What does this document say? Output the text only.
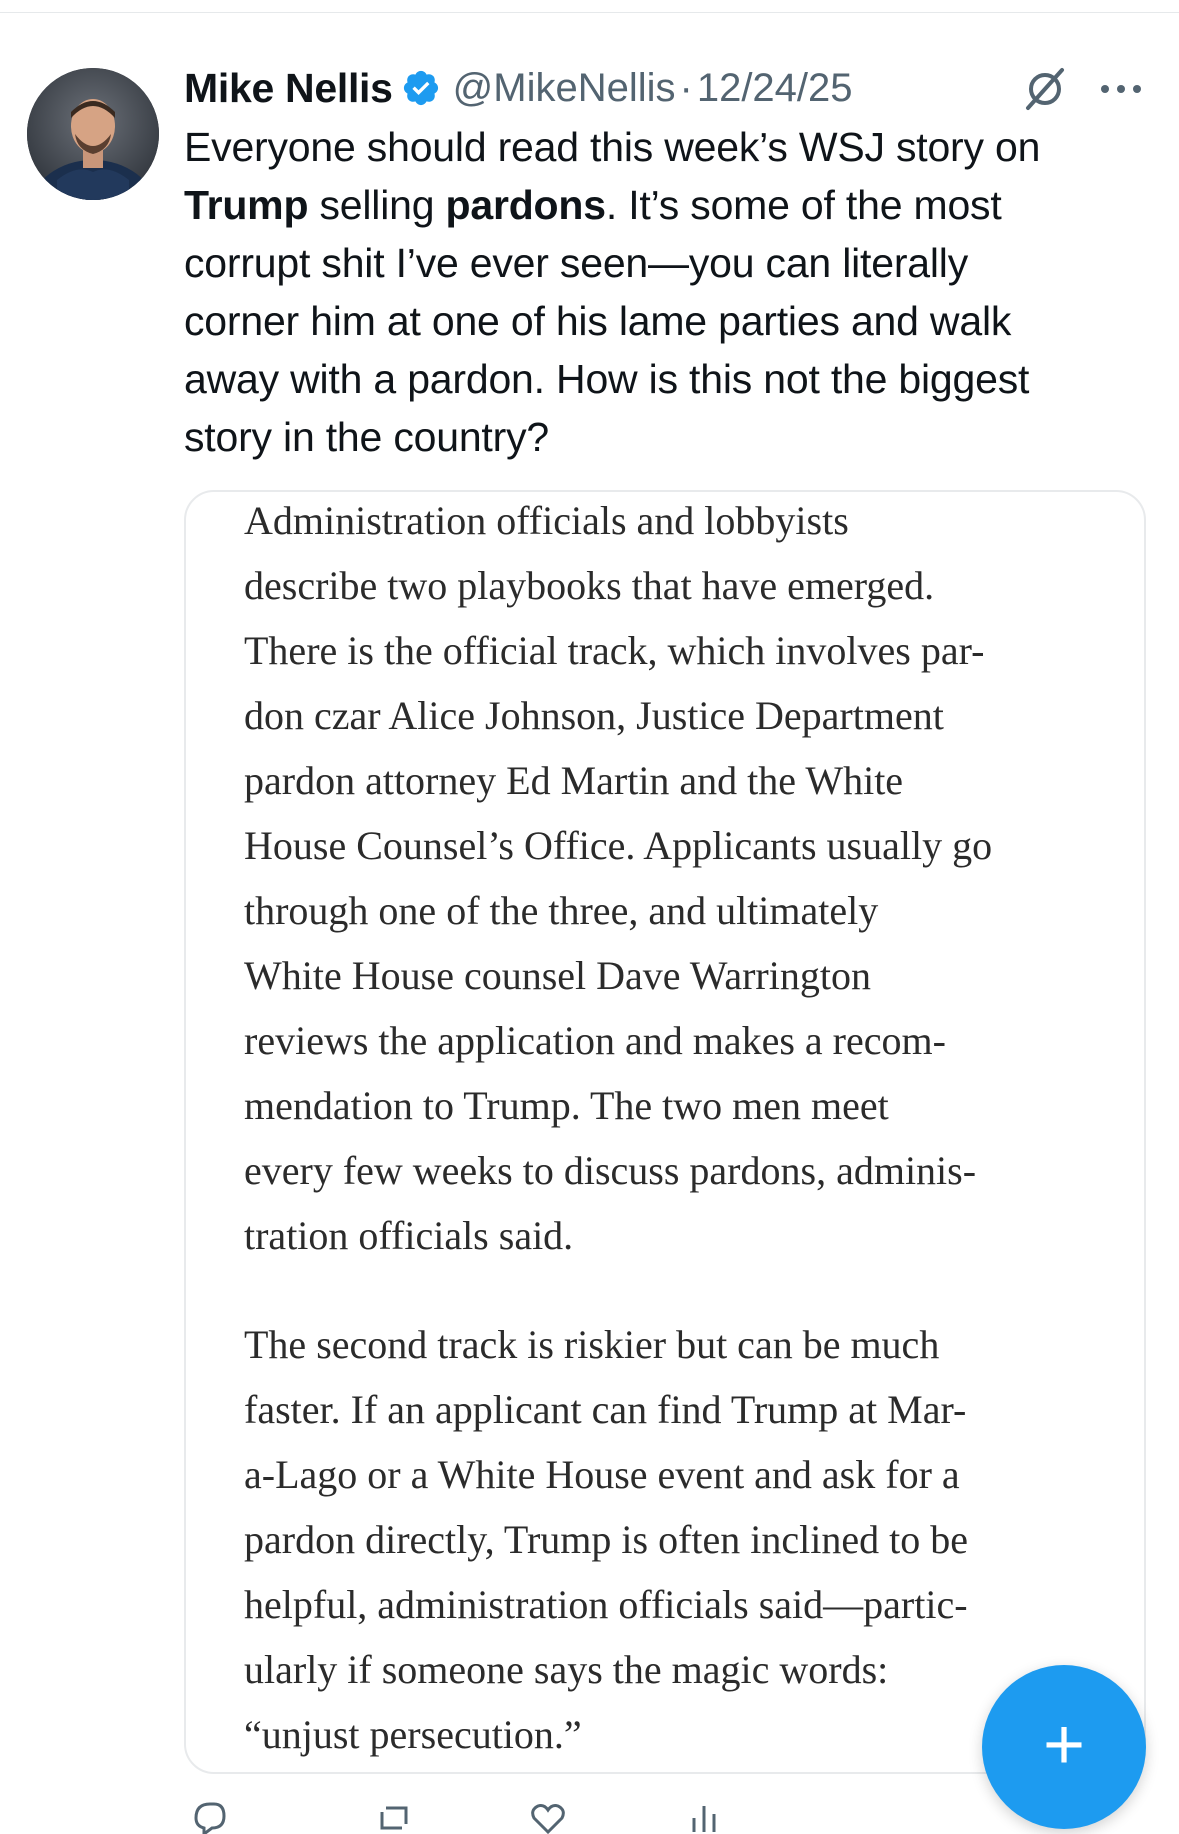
Mike Nellis @MikeNellis · 12/24/25
Everyone should read this week’s WSJ story on
Trump selling pardons. It’s some of the most
corrupt shit I’ve ever seen—you can literally
corner him at one of his lame parties and walk
away with a pardon. How is this not the biggest
story in the country?

Administration officials and lobbyists
describe two playbooks that have emerged.
There is the official track, which involves par-
don czar Alice Johnson, Justice Department
pardon attorney Ed Martin and the White
House Counsel’s Office. Applicants usually go
through one of the three, and ultimately
White House counsel Dave Warrington
reviews the application and makes a recom-
mendation to Trump. The two men meet
every few weeks to discuss pardons, adminis-
tration officials said.

The second track is riskier but can be much
faster. If an applicant can find Trump at Mar-
a-Lago or a White House event and ask for a
pardon directly, Trump is often inclined to be
helpful, administration officials said—partic-
ularly if someone says the magic words:
“unjust persecution.”	+
